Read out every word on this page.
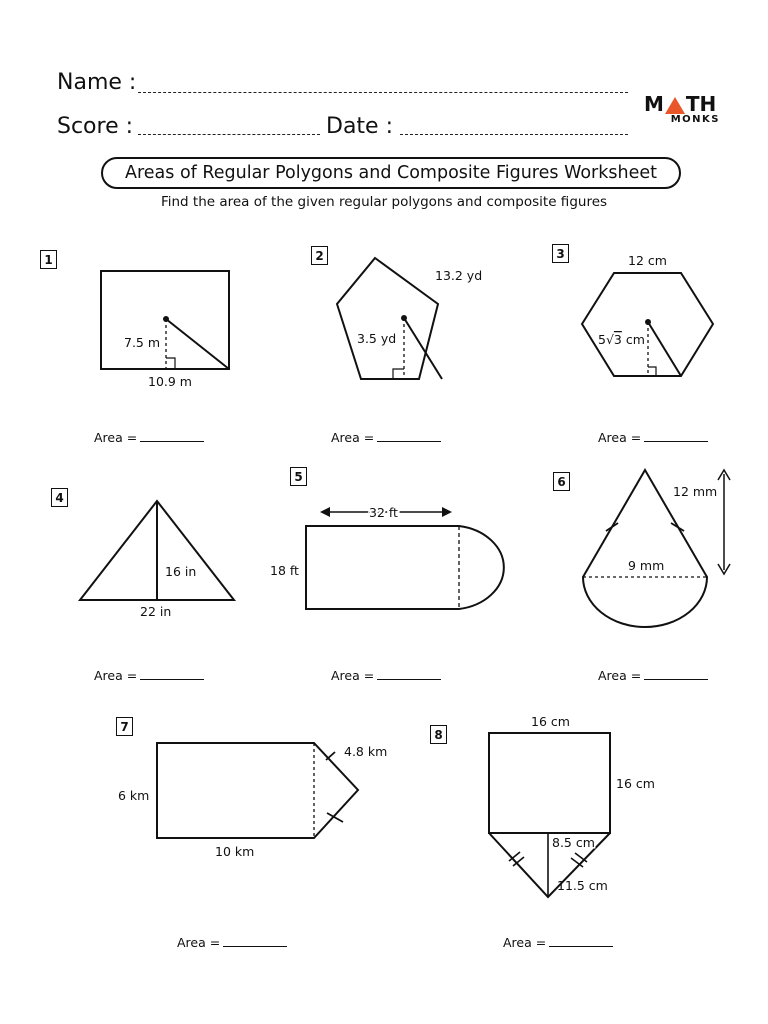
Name :
Score :	Date :
M TH
MONKS
Areas of Regular Polygons and Composite Figures Worksheet
Find the area of the given regular polygons and composite figures
1	2	3
4
5	6
7
8
7.5 m
10.9 m
13.2 yd
3.5 yd
12 cm
5√3 cm
16 in
22 in
32 ft
18 ft
12 mm
9 mm
4.8 km
6 km
10 km
16 cm
16 cm
8.5 cm
11.5 cm
Area =	Area =	Area =
Area =	Area =	Area =
Area =	Area =
